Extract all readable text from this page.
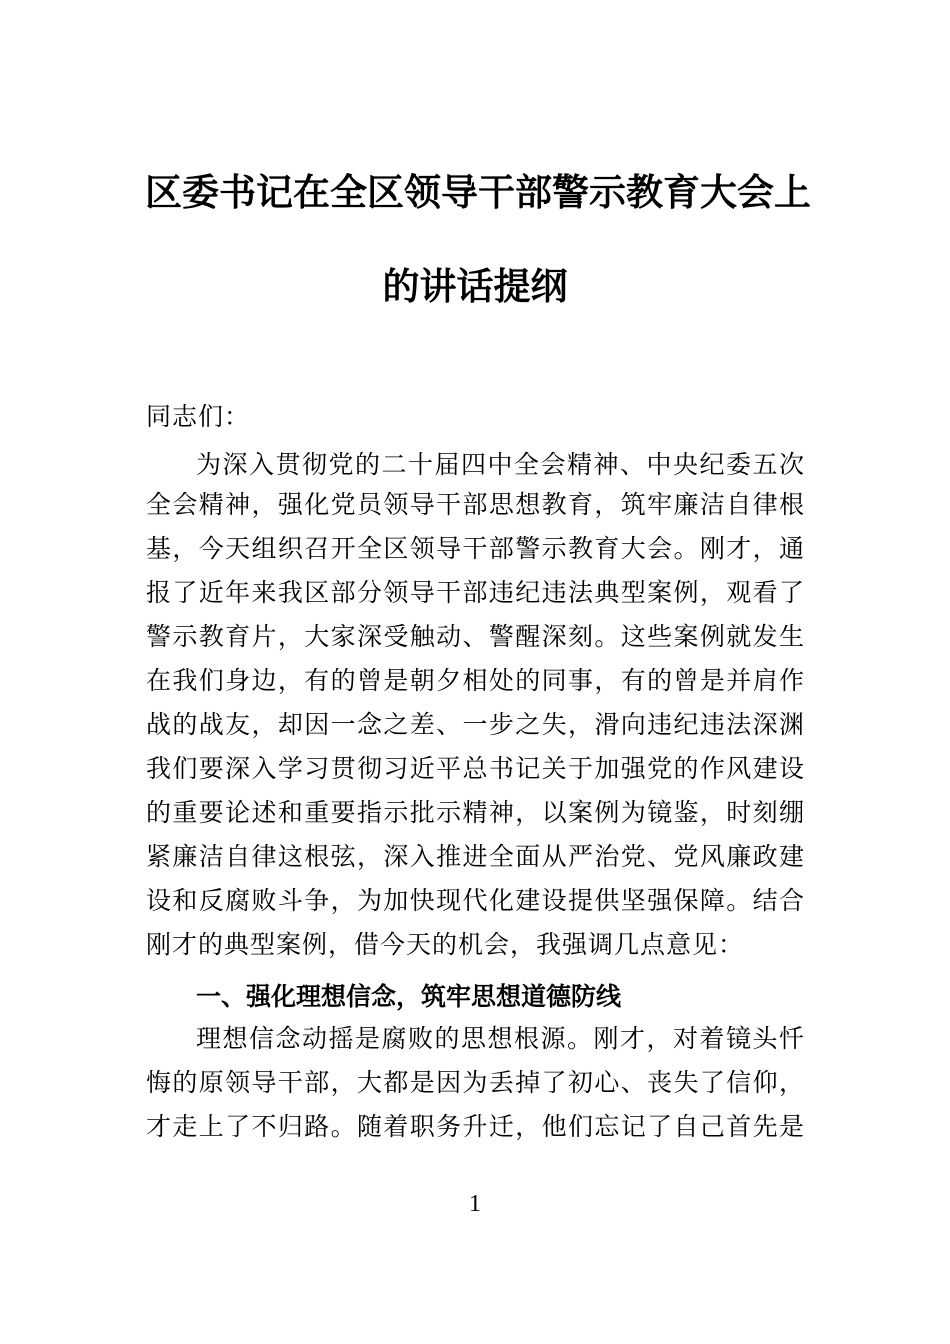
区委书记在全区领导干部警示教育大会上
的讲话提纲
同志们：
为深入贯彻党的二十届四中全会精神、中央纪委五次
全会精神，强化党员领导干部思想教育，筑牢廉洁自律根
基，今天组织召开全区领导干部警示教育大会。刚才，通
报了近年来我区部分领导干部违纪违法典型案例，观看了
警示教育片，大家深受触动、警醒深刻。这些案例就发生
在我们身边，有的曾是朝夕相处的同事，有的曾是并肩作
战的战友，却因一念之差、一步之失，滑向违纪违法深渊
我们要深入学习贯彻习近平总书记关于加强党的作风建设
的重要论述和重要指示批示精神，以案例为镜鉴，时刻绷
紧廉洁自律这根弦，深入推进全面从严治党、党风廉政建
设和反腐败斗争，为加快现代化建设提供坚强保障。结合
刚才的典型案例，借今天的机会，我强调几点意见：
一、强化理想信念，筑牢思想道德防线
理想信念动摇是腐败的思想根源。刚才，对着镜头忏
悔的原领导干部，大都是因为丢掉了初心、丧失了信仰，
才走上了不归路。随着职务升迁，他们忘记了自己首先是
1
